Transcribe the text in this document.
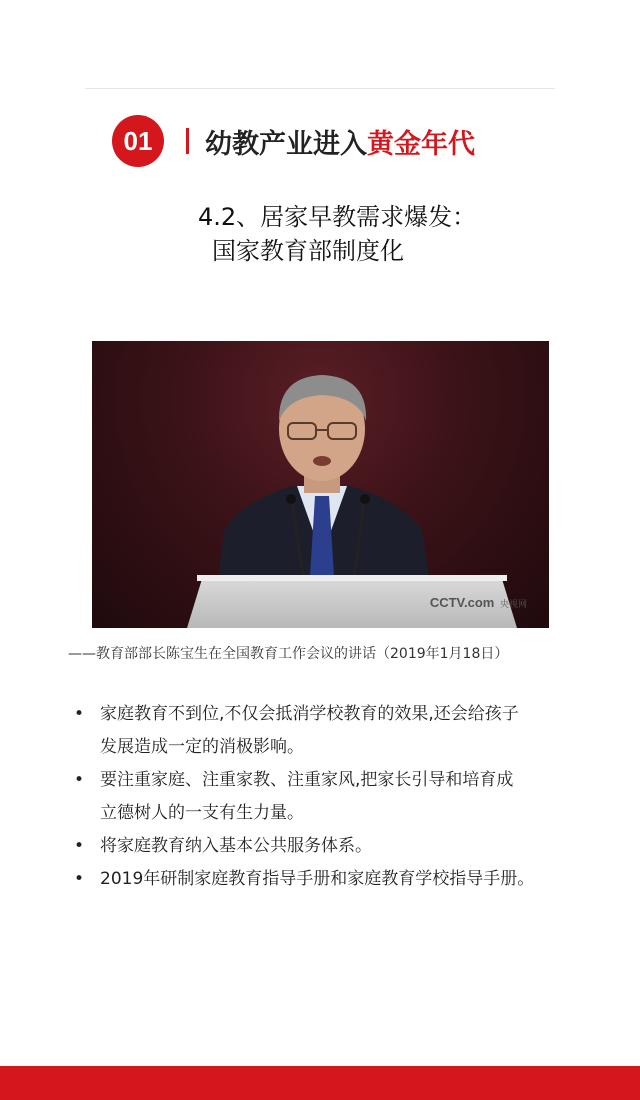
01	幼教产业进入黄金年代
4.2、居家早教需求爆发：
国家教育部制度化
CCTV.com 央视网
——教育部部长陈宝生在全国教育工作会议的讲话（2019年1月18日）
• 家庭教育不到位,不仅会抵消学校教育的效果,还会给孩子
发展造成一定的消极影响。
• 要注重家庭、注重家教、注重家风,把家长引导和培育成
立德树人的一支有生力量。
• 将家庭教育纳入基本公共服务体系。
• 2019年研制家庭教育指导手册和家庭教育学校指导手册。
